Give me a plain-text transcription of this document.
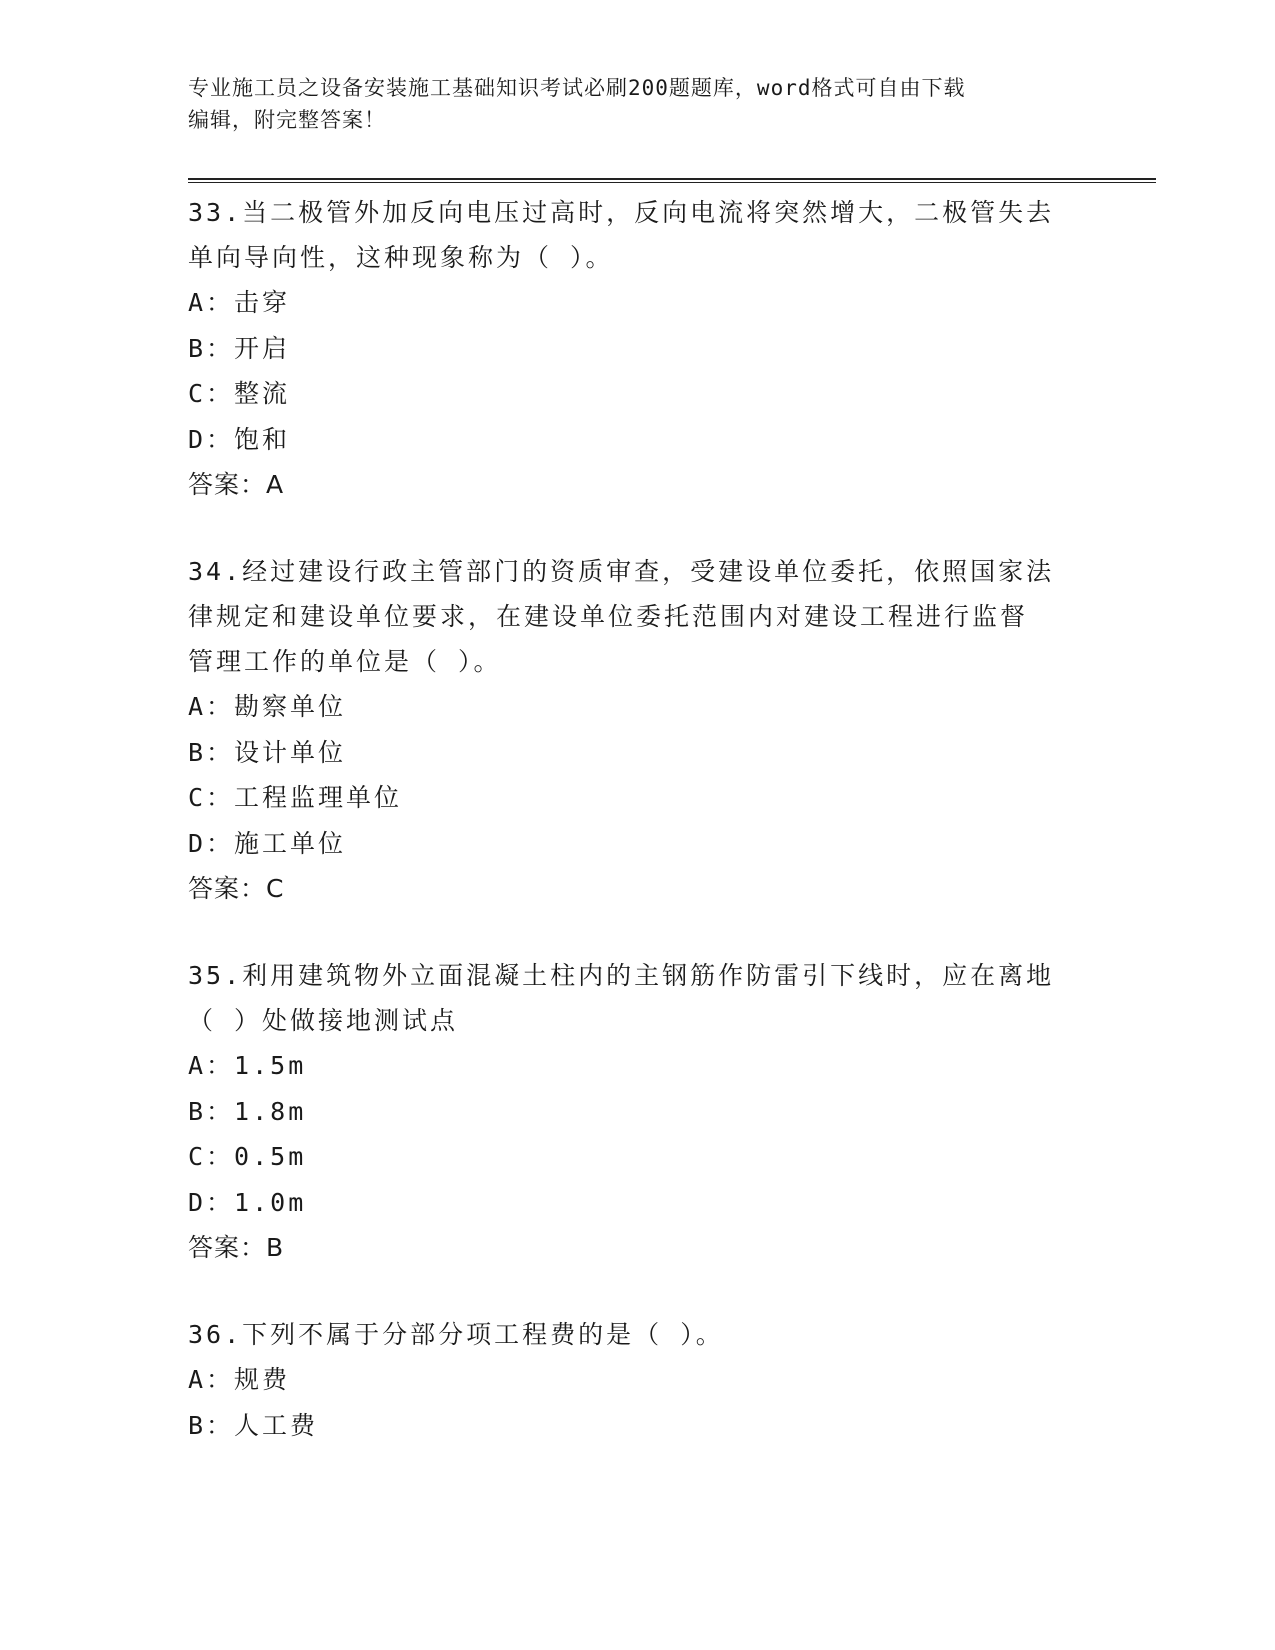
专业施工员之设备安装施工基础知识考试必刷200题题库，word格式可自由下载
编辑，附完整答案！

33.当二极管外加反向电压过高时，反向电流将突然增大，二极管失去

单向导向性，这种现象称为（ ）。

A：击穿

B：开启

C：整流

D：饱和

答案：A

34.经过建设行政主管部门的资质审查，受建设单位委托，依照国家法

律规定和建设单位要求，在建设单位委托范围内对建设工程进行监督

管理工作的单位是（ ）。

A：勘察单位

B：设计单位

C：工程监理单位

D：施工单位

答案：C

35.利用建筑物外立面混凝土柱内的主钢筋作防雷引下线时，应在离地

（ ）处做接地测试点

A：1.5m

B：1.8m

C：0.5m

D：1.0m

答案：B

36.下列不属于分部分项工程费的是（ ）。

A：规费

B：人工费
